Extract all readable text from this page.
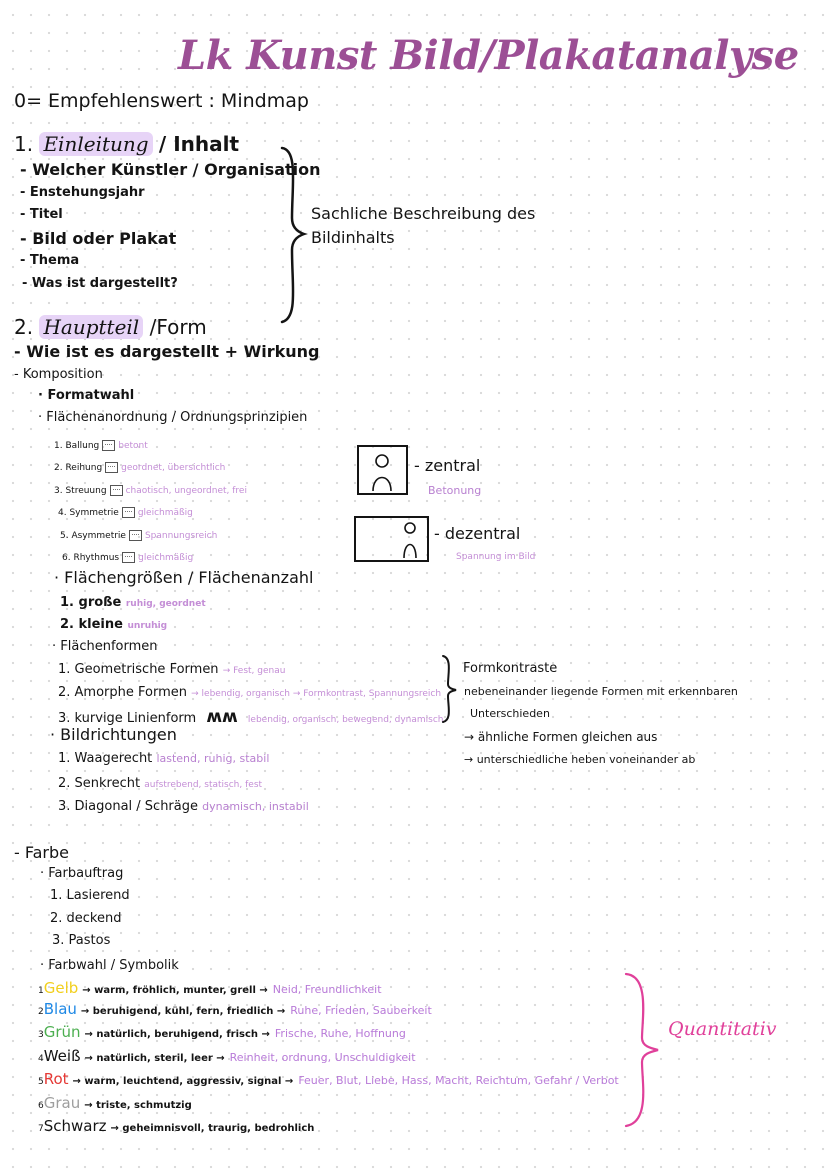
Lk Kunst Bild/Plakatanalyse
0= Empfehlenswert : Mindmap
1. Einleitung / Inhalt
- Welcher Künstler / Organisation
- Enstehungsjahr
- Titel
- Bild oder Plakat
- Thema
- Was ist dargestellt?
Sachliche Beschreibung des
Bildinhalts
2. Hauptteil /Form
- Wie ist es dargestellt + Wirkung
- Komposition
· Formatwahl
· Flächenanordnung / Ordnungsprinzipien
1. Ballung betont
2. Reihung geordnet, übersichtlich
3. Streuung chaotisch, ungeordnet, frei
4. Symmetrie gleichmäßig
5. Asymmetrie Spannungsreich
6. Rhythmus gleichmäßig
- zentral
Betonung
- dezentral
Spannung im Bild
· Flächengrößen / Flächenanzahl
1. große ruhig, geordnet
2. kleine unruhig
· Flächenformen
1. Geometrische Formen → Fest, genau
2. Amorphe Formen → lebendig, organisch → Formkontrast, Spannungsreich
3. kurvige Linienform ʍʍ lebendig, organisch, bewegend, dynamisch
Formkontraste
nebeneinander liegende Formen mit erkennbaren
Unterschieden
→ ähnliche Formen gleichen aus
→ unterschiedliche heben voneinander ab
· Bildrichtungen
1. Waagerecht lastend, ruhig, stabil
2. Senkrecht aufstrebend, statisch, fest
3. Diagonal / Schräge dynamisch, instabil
- Farbe
· Farbauftrag
1. Lasierend
2. deckend
3. Pastos
· Farbwahl / Symbolik
1Gelb → warm, fröhlich, munter, grell → Neid, Freundlichkeit
2Blau → beruhigend, kühl, fern, friedlich → Ruhe, Frieden, Sauberkeit
3Grün → natürlich, beruhigend, frisch → Frische, Ruhe, Hoffnung
4Weiß → natürlich, steril, leer → Reinheit, ordnung, Unschuldigkeit
5Rot → warm, leuchtend, aggressiv, signal → Feuer, Blut, Liebe, Hass, Macht, Reichtum, Gefahr / Verbot
6Grau → triste, schmutzig
7Schwarz → geheimnisvoll, traurig, bedrohlich
Quantitativ
